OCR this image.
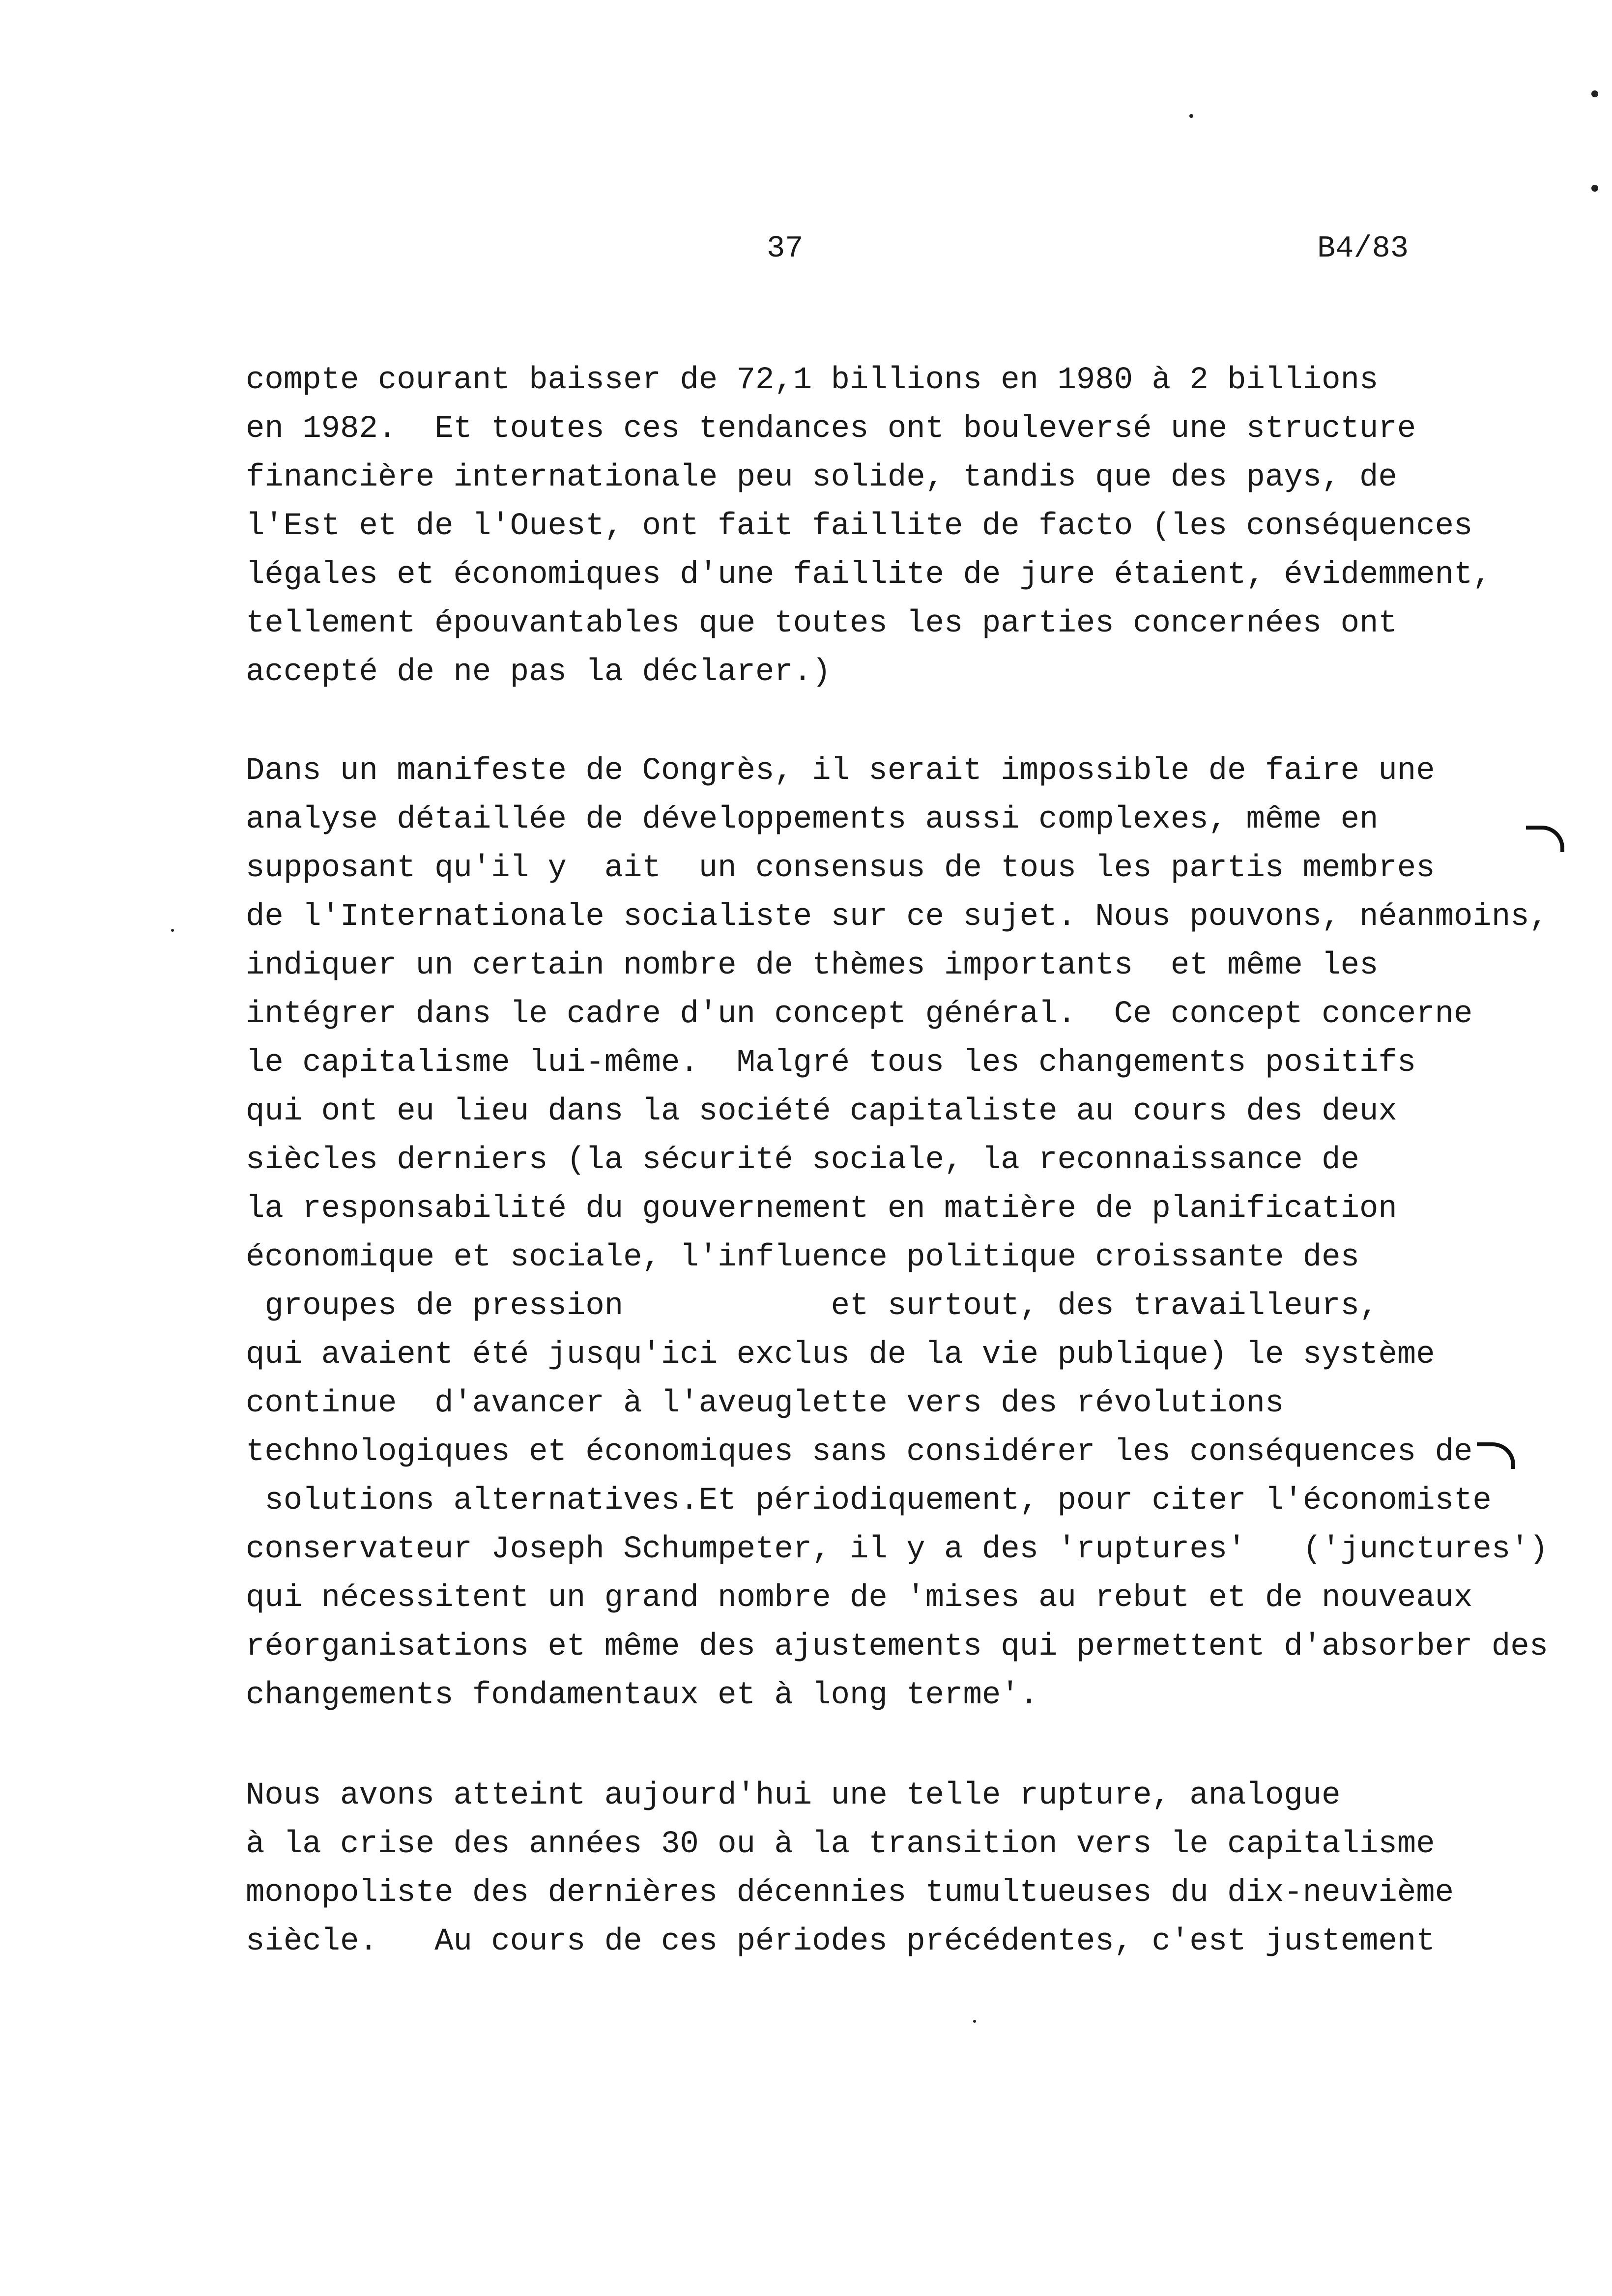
37	B4/83
compte courant baisser de 72,1 billions en 1980 à 2 billions
en 1982.  Et toutes ces tendances ont bouleversé une structure
financière internationale peu solide, tandis que des pays, de
l'Est et de l'Ouest, ont fait faillite de facto (les conséquences
légales et économiques d'une faillite de jure étaient, évidemment,
tellement épouvantables que toutes les parties concernées ont
accepté de ne pas la déclarer.)
Dans un manifeste de Congrès, il serait impossible de faire une
analyse détaillée de développements aussi complexes, même en
supposant qu'il y  ait  un consensus de tous les partis membres
de l'Internationale socialiste sur ce sujet. Nous pouvons, néanmoins,
indiquer un certain nombre de thèmes importants  et même les
intégrer dans le cadre d'un concept général.  Ce concept concerne
le capitalisme lui-même.  Malgré tous les changements positifs
qui ont eu lieu dans la société capitaliste au cours des deux
siècles derniers (la sécurité sociale, la reconnaissance de
la responsabilité du gouvernement en matière de planification
économique et sociale, l'influence politique croissante des
groupes de pression           et surtout, des travailleurs,
qui avaient été jusqu'ici exclus de la vie publique) le système
continue  d'avancer à l'aveuglette vers des révolutions
technologiques et économiques sans considérer les conséquences de
solutions alternatives.Et périodiquement, pour citer l'économiste
conservateur Joseph Schumpeter, il y a des 'ruptures'   ('junctures')
qui nécessitent un grand nombre de 'mises au rebut et de nouveaux
réorganisations et même des ajustements qui permettent d'absorber des
changements fondamentaux et à long terme'.
Nous avons atteint aujourd'hui une telle rupture, analogue
à la crise des années 30 ou à la transition vers le capitalisme
monopoliste des dernières décennies tumultueuses du dix-neuvième
siècle.   Au cours de ces périodes précédentes, c'est justement
